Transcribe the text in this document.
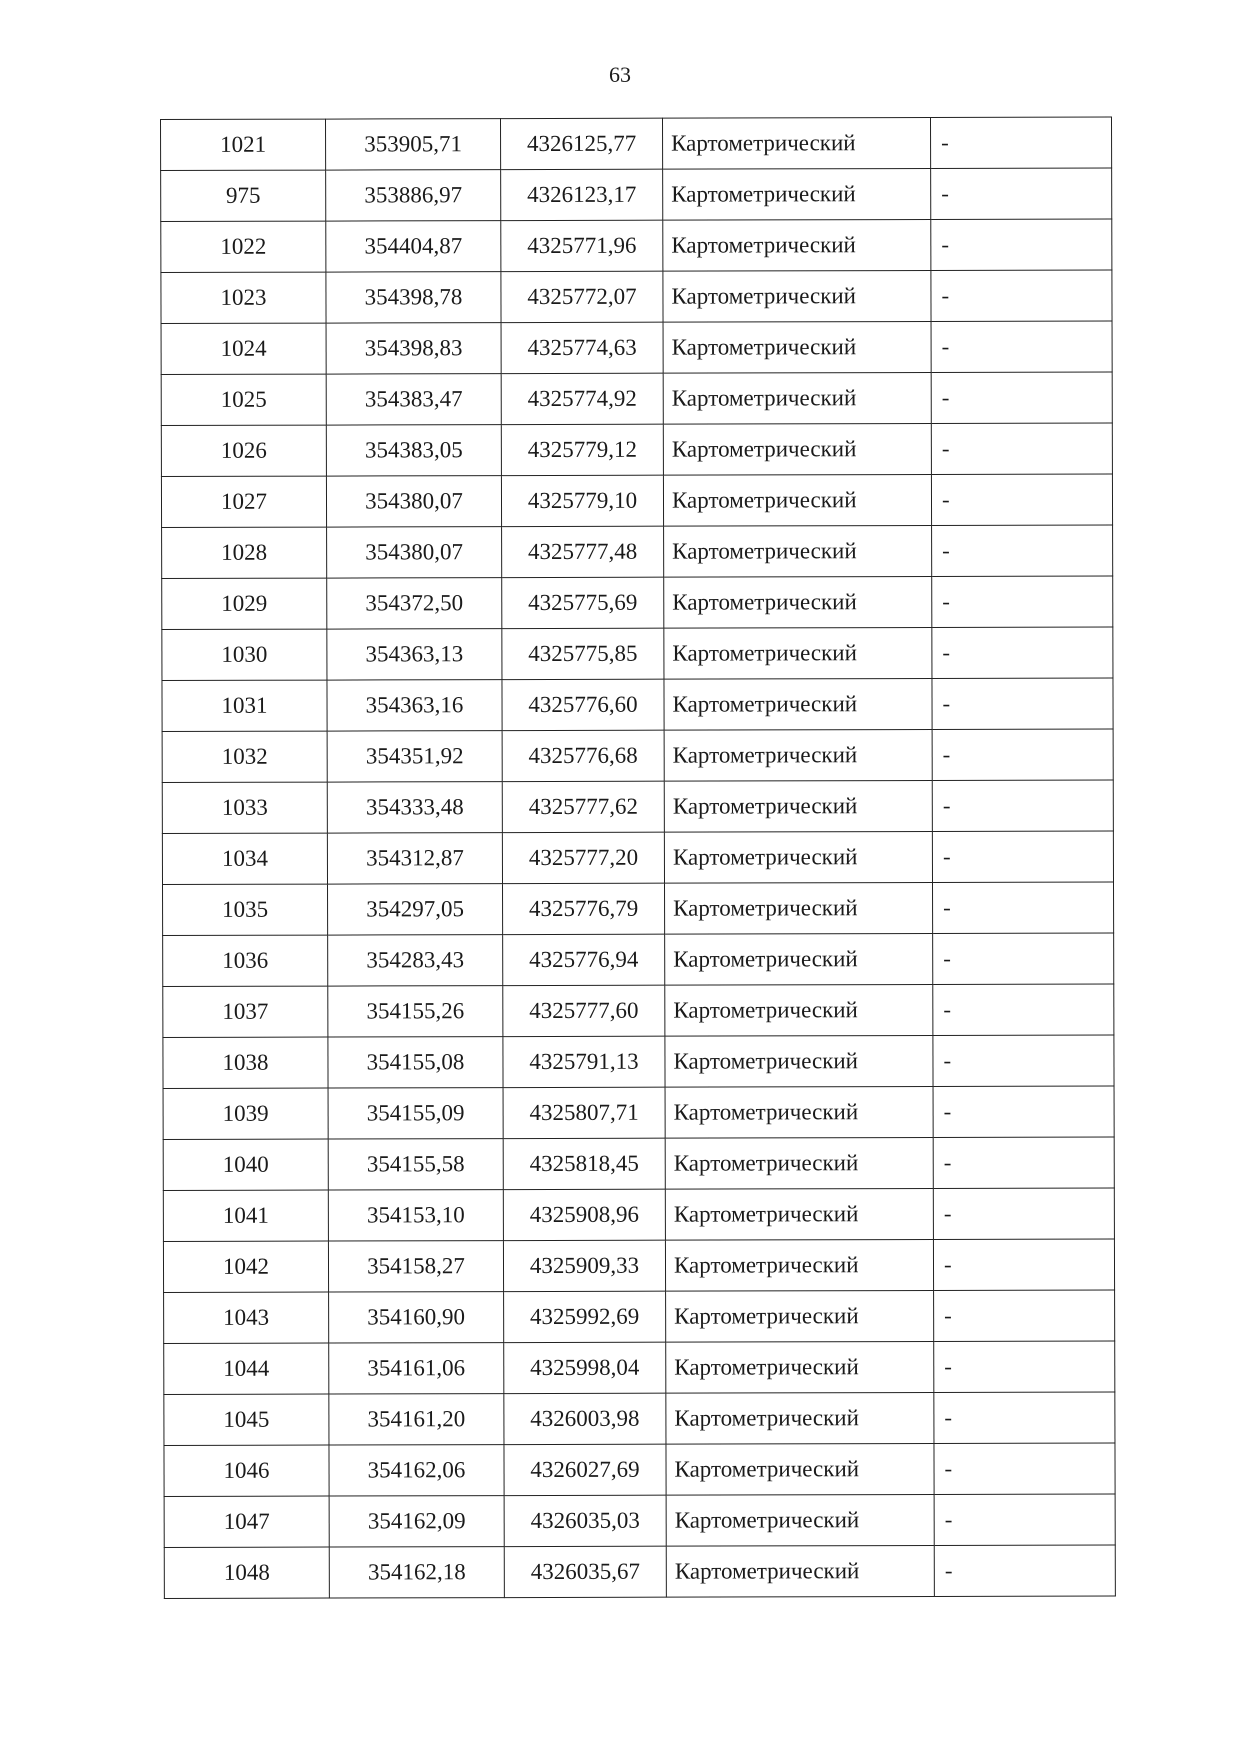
63
1021	353905,71	4326125,77	Картометрический	-
975	353886,97	4326123,17	Картометрический	-
1022	354404,87	4325771,96	Картометрический	-
1023	354398,78	4325772,07	Картометрический	-
1024	354398,83	4325774,63	Картометрический	-
1025	354383,47	4325774,92	Картометрический	-
1026	354383,05	4325779,12	Картометрический	-
1027	354380,07	4325779,10	Картометрический	-
1028	354380,07	4325777,48	Картометрический	-
1029	354372,50	4325775,69	Картометрический	-
1030	354363,13	4325775,85	Картометрический	-
1031	354363,16	4325776,60	Картометрический	-
1032	354351,92	4325776,68	Картометрический	-
1033	354333,48	4325777,62	Картометрический	-
1034	354312,87	4325777,20	Картометрический	-
1035	354297,05	4325776,79	Картометрический	-
1036	354283,43	4325776,94	Картометрический	-
1037	354155,26	4325777,60	Картометрический	-
1038	354155,08	4325791,13	Картометрический	-
1039	354155,09	4325807,71	Картометрический	-
1040	354155,58	4325818,45	Картометрический	-
1041	354153,10	4325908,96	Картометрический	-
1042	354158,27	4325909,33	Картометрический	-
1043	354160,90	4325992,69	Картометрический	-
1044	354161,06	4325998,04	Картометрический	-
1045	354161,20	4326003,98	Картометрический	-
1046	354162,06	4326027,69	Картометрический	-
1047	354162,09	4326035,03	Картометрический	-
1048	354162,18	4326035,67	Картометрический	-
